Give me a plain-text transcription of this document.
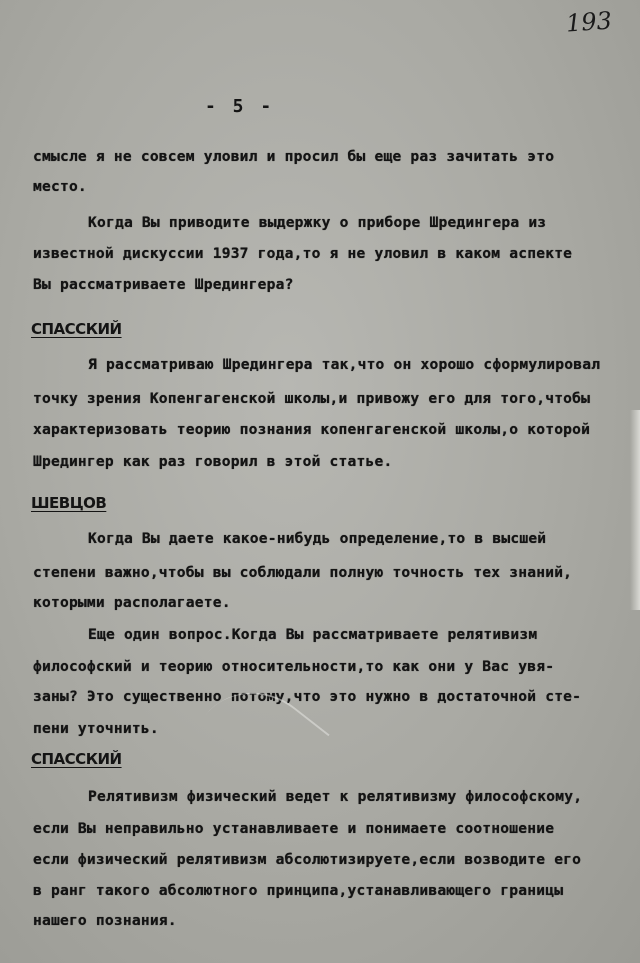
193
- 5 -
смысле я не совсем уловил и просил бы еще раз зачитать это
место.
Когда Вы приводите выдержку о приборе Шредингера из
известной дискуссии 1937 года,то я не уловил в каком аспекте
Вы рассматриваете Шредингера?
СПАССКИЙ
Я рассматриваю Шредингера так,что он хорошо сформулировал
точку зрения Копенгагенской школы,и привожу его для того,чтобы
характеризовать теорию познания копенгагенской школы,о которой
Шредингер как раз говорил в этой статье.
ШЕВЦОВ
Когда Вы даете какое-нибудь определение,то в высшей
степени важно,чтобы вы соблюдали полную точность тех знаний,
которыми располагаете.
Еще один вопрос.Когда Вы рассматриваете релятивизм
философский и теорию относительности,то как они у Вас увя-
заны? Это существенно потому,что это нужно в достаточной сте-
пени уточнить.
СПАССКИЙ
Релятивизм физический ведет к релятивизму философскому,
если Вы неправильно устанавливаете и понимаете соотношение
если физический релятивизм абсолютизируете,если возводите его
в ранг такого абсолютного принципа,устанавливающего границы
нашего познания.
